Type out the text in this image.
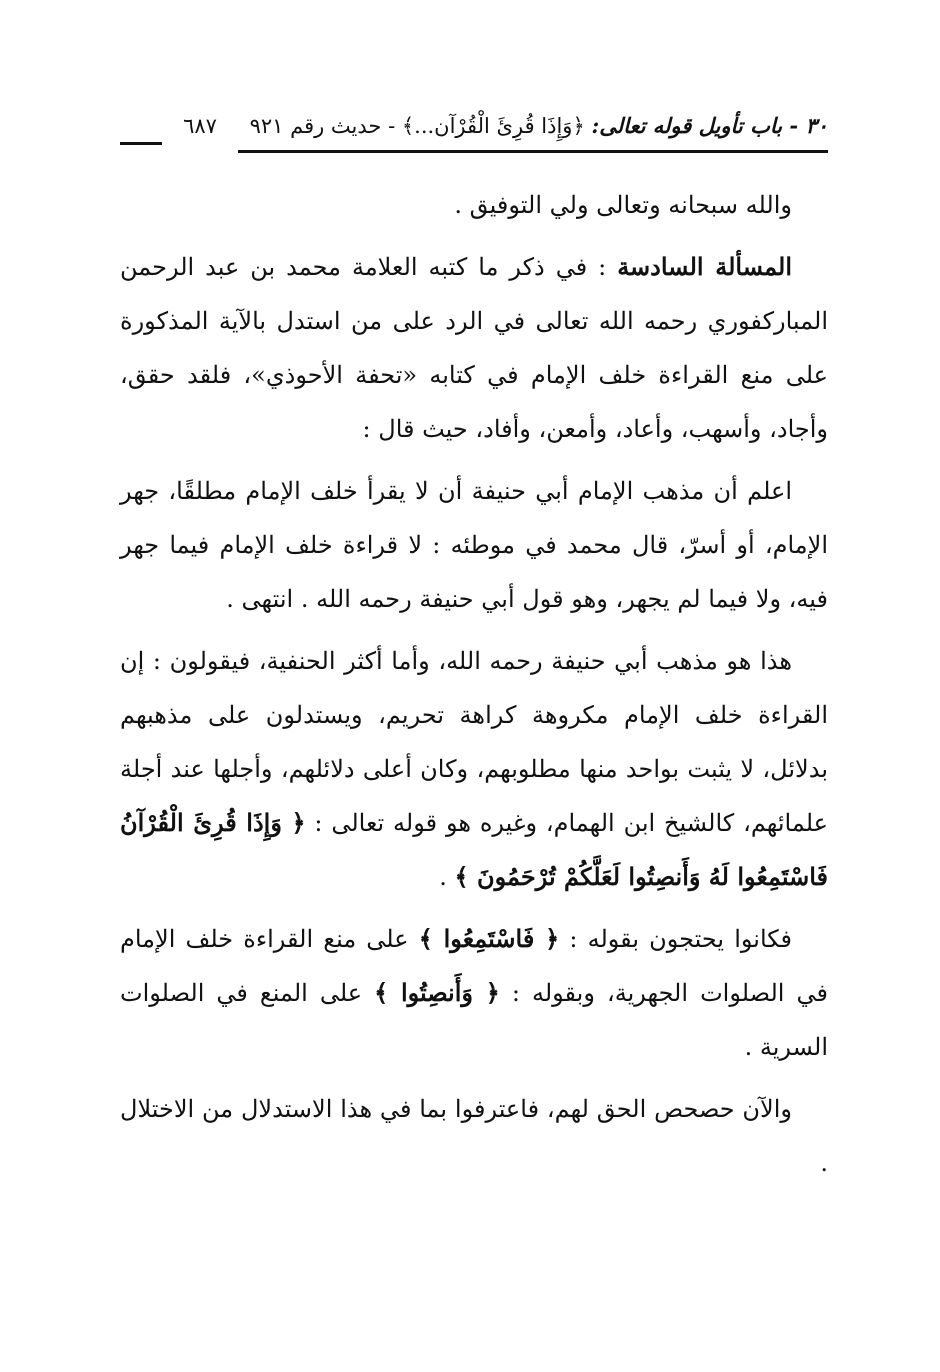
٣٠ - باب تأويل قوله تعالى: ﴿وَإِذَا قُرِئَ الْقُرْآن...﴾ - حديث رقم ٩٢١
٦٨٧

والله سبحانه وتعالى ولي التوفيق .

المسألة السادسة : في ذكر ما كتبه العلامة محمد بن عبد الرحمن المباركفوري رحمه الله تعالى في الرد على من استدل بالآية المذكورة على منع القراءة خلف الإمام في كتابه «تحفة الأحوذي»، فلقد حقق، وأجاد، وأسهب، وأعاد، وأمعن، وأفاد، حيث قال :

اعلم أن مذهب الإمام أبي حنيفة أن لا يقرأ خلف الإمام مطلقًا، جهر الإمام، أو أسرّ، قال محمد في موطئه : لا قراءة خلف الإمام فيما جهر فيه، ولا فيما لم يجهر، وهو قول أبي حنيفة رحمه الله . انتهى .

هذا هو مذهب أبي حنيفة رحمه الله، وأما أكثر الحنفية، فيقولون : إن القراءة خلف الإمام مكروهة كراهة تحريم، ويستدلون على مذهبهم بدلائل، لا يثبت بواحد منها مطلوبهم، وكان أعلى دلائلهم، وأجلها عند أجلة علمائهم، كالشيخ ابن الهمام، وغيره هو قوله تعالى : ﴿ وَإِذَا قُرِئَ الْقُرْآنُ فَاسْتَمِعُوا لَهُ وَأَنصِتُوا لَعَلَّكُمْ تُرْحَمُونَ ﴾ .

فكانوا يحتجون بقوله : ﴿ فَاسْتَمِعُوا ﴾ على منع القراءة خلف الإمام في الصلوات الجهرية، وبقوله : ﴿ وَأَنصِتُوا ﴾ على المنع في الصلوات السرية .

والآن حصحص الحق لهم، فاعترفوا بما في هذا الاستدلال من الاختلال .
